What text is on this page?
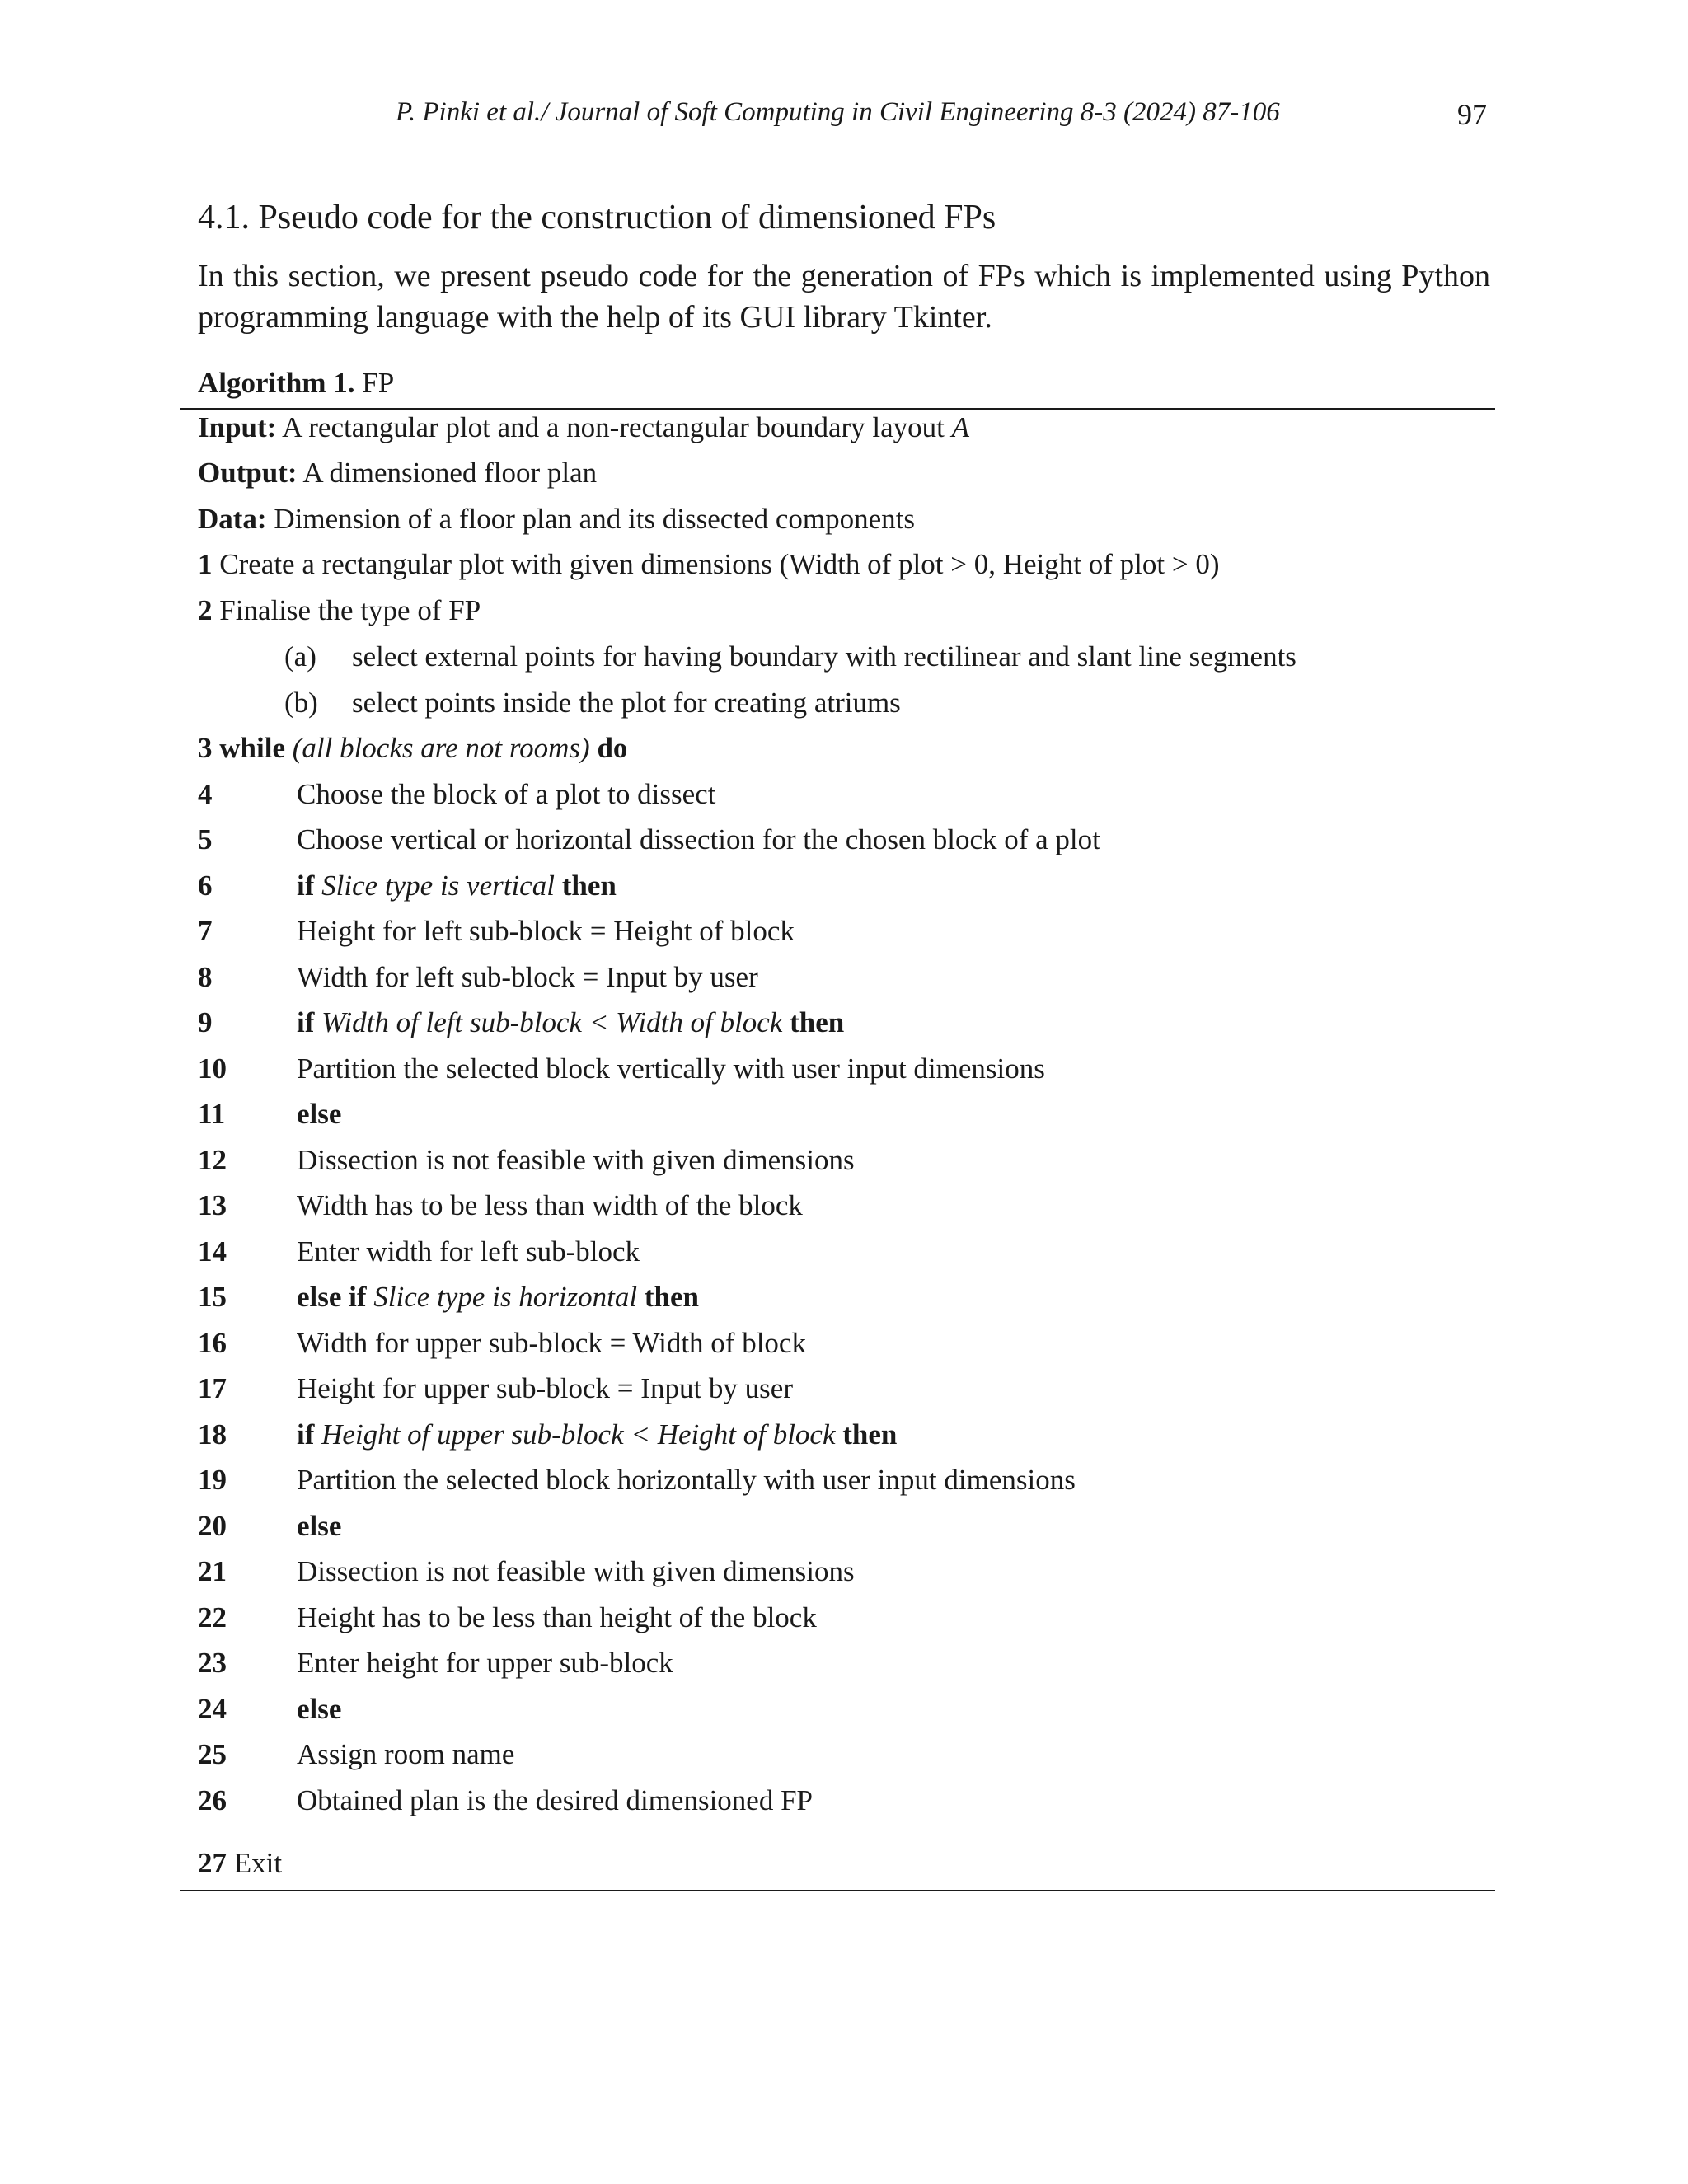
P. Pinki et al./ Journal of Soft Computing in Civil Engineering 8-3 (2024) 87-106	97
4.1. Pseudo code for the construction of dimensioned FPs
In this section, we present pseudo code for the generation of FPs which is implemented using Python programming language with the help of its GUI library Tkinter.
Algorithm 1. FP
Input: A rectangular plot and a non-rectangular boundary layout A
Output: A dimensioned floor plan
Data: Dimension of a floor plan and its dissected components
1 Create a rectangular plot with given dimensions (Width of plot > 0, Height of plot > 0)
2 Finalise the type of FP
(a) select external points for having boundary with rectilinear and slant line segments
(b) select points inside the plot for creating atriums
3 while (all blocks are not rooms) do
4	Choose the block of a plot to dissect
5	Choose vertical or horizontal dissection for the chosen block of a plot
6	if Slice type is vertical then
7	Height for left sub-block = Height of block
8	Width for left sub-block = Input by user
9	if Width of left sub-block < Width of block then
10 Partition the selected block vertically with user input dimensions
11 else
12 Dissection is not feasible with given dimensions
13 Width has to be less than width of the block
14 Enter width for left sub-block
15 else if Slice type is horizontal then
16 Width for upper sub-block = Width of block
17 Height for upper sub-block = Input by user
18 if Height of upper sub-block < Height of block then
19 Partition the selected block horizontally with user input dimensions
20 else
21 Dissection is not feasible with given dimensions
22 Height has to be less than height of the block
23 Enter height for upper sub-block
24 else
25 Assign room name
26 Obtained plan is the desired dimensioned FP
27 Exit
